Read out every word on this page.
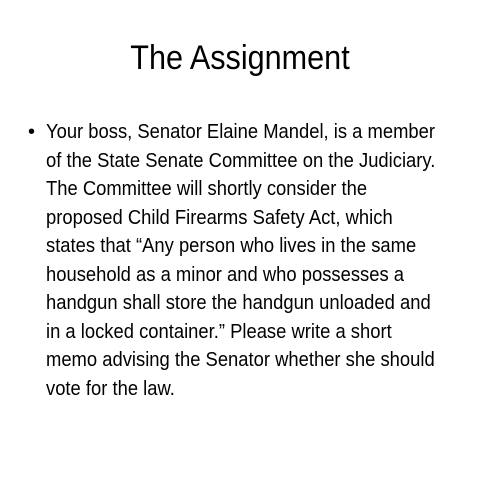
The Assignment
• Your boss, Senator Elaine Mandel, is a member
of the State Senate Committee on the Judiciary.
The Committee will shortly consider the
proposed Child Firearms Safety Act, which
states that “Any person who lives in the same
household as a minor and who possesses a
handgun shall store the handgun unloaded and
in a locked container.” Please write a short
memo advising the Senator whether she should
vote for the law.
